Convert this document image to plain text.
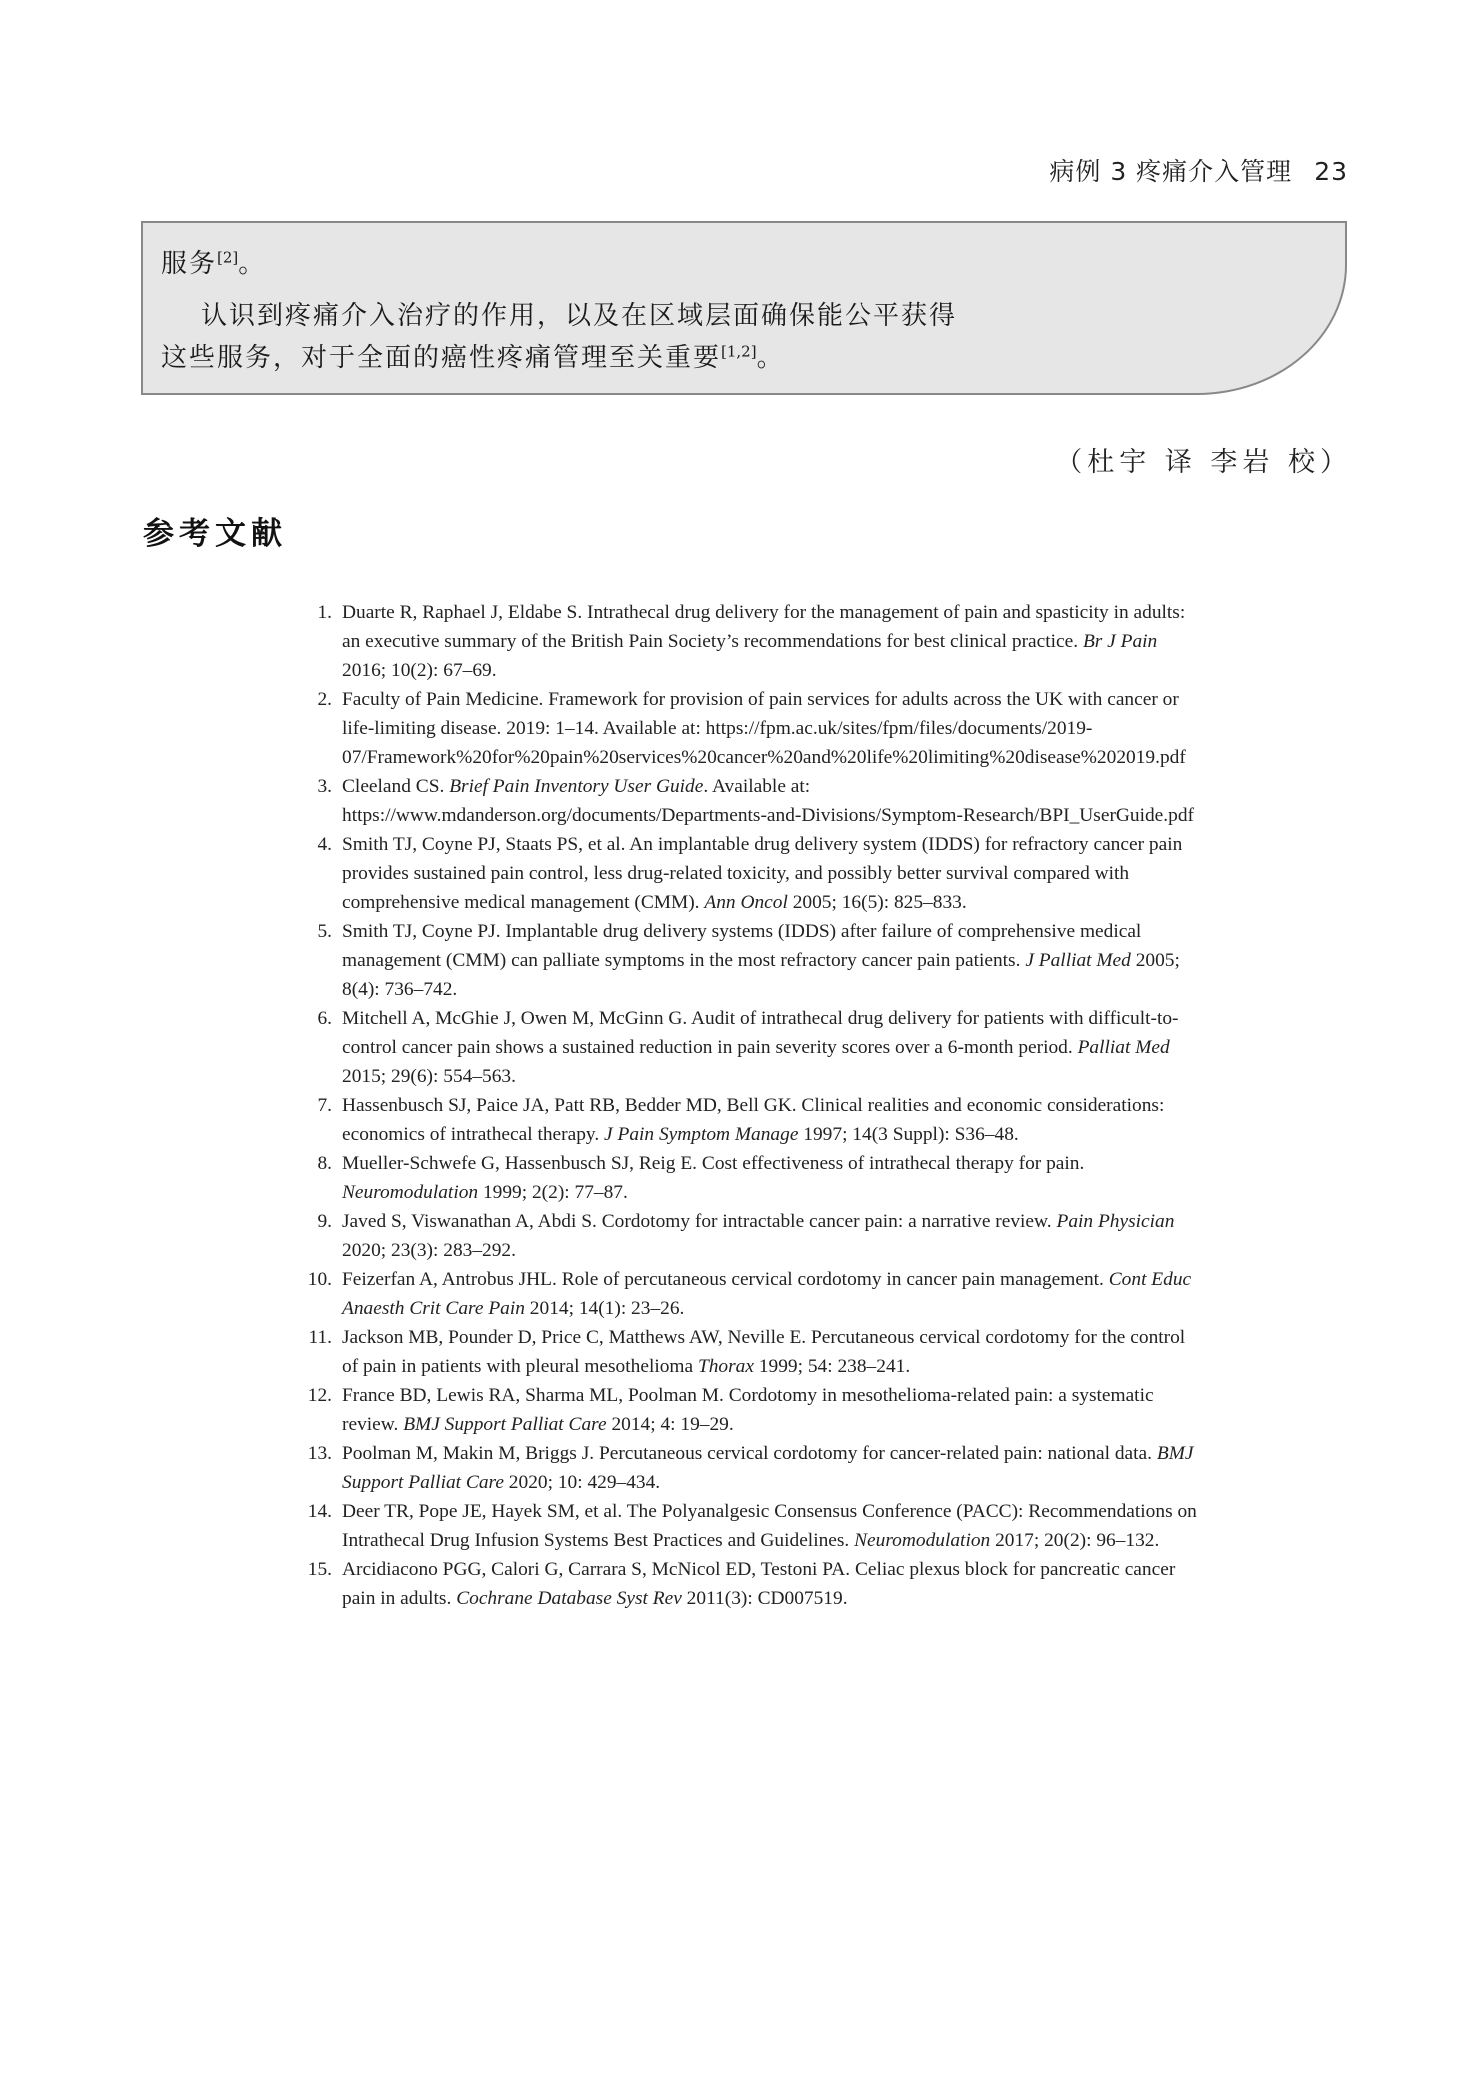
病例 3 疼痛介入管理 23

服务[2]。

认识到疼痛介入治疗的作用，以及在区域层面确保能公平获得

这些服务，对于全面的癌性疼痛管理至关重要[1,2]。

（杜宇 译 李岩 校）
参考文献
1. Duarte R, Raphael J, Eldabe S. Intrathecal drug delivery for the management of pain and spasticity in adults: an executive summary of the British Pain Society’s recommendations for best clinical practice. Br J Pain 2016; 10(2): 67–69.
2. Faculty of Pain Medicine. Framework for provision of pain services for adults across the UK with cancer or life-limiting disease. 2019: 1–14. Available at: https://fpm.ac.uk/sites/fpm/files/documents/2019-07/Framework%20for%20pain%20services%20cancer%20and%20life%20limiting%20disease%202019.pdf
3. Cleeland CS. Brief Pain Inventory User Guide. Available at: https://www.mdanderson.org/documents/Departments-and-Divisions/Symptom-Research/BPI_UserGuide.pdf
4. Smith TJ, Coyne PJ, Staats PS, et al. An implantable drug delivery system (IDDS) for refractory cancer pain provides sustained pain control, less drug-related toxicity, and possibly better survival compared with comprehensive medical management (CMM). Ann Oncol 2005; 16(5): 825–833.
5. Smith TJ, Coyne PJ. Implantable drug delivery systems (IDDS) after failure of comprehensive medical management (CMM) can palliate symptoms in the most refractory cancer pain patients. J Palliat Med 2005; 8(4): 736–742.
6. Mitchell A, McGhie J, Owen M, McGinn G. Audit of intrathecal drug delivery for patients with difficult-to-control cancer pain shows a sustained reduction in pain severity scores over a 6-month period. Palliat Med 2015; 29(6): 554–563.
7. Hassenbusch SJ, Paice JA, Patt RB, Bedder MD, Bell GK. Clinical realities and economic considerations: economics of intrathecal therapy. J Pain Symptom Manage 1997; 14(3 Suppl): S36–48.
8. Mueller-Schwefe G, Hassenbusch SJ, Reig E. Cost effectiveness of intrathecal therapy for pain. Neuromodulation 1999; 2(2): 77–87.
9. Javed S, Viswanathan A, Abdi S. Cordotomy for intractable cancer pain: a narrative review. Pain Physician 2020; 23(3): 283–292.
10. Feizerfan A, Antrobus JHL. Role of percutaneous cervical cordotomy in cancer pain management. Cont Educ Anaesth Crit Care Pain 2014; 14(1): 23–26.
11. Jackson MB, Pounder D, Price C, Matthews AW, Neville E. Percutaneous cervical cordotomy for the control of pain in patients with pleural mesothelioma Thorax 1999; 54: 238–241.
12. France BD, Lewis RA, Sharma ML, Poolman M. Cordotomy in mesothelioma-related pain: a systematic review. BMJ Support Palliat Care 2014; 4: 19–29.
13. Poolman M, Makin M, Briggs J. Percutaneous cervical cordotomy for cancer-related pain: national data. BMJ Support Palliat Care 2020; 10: 429–434.
14. Deer TR, Pope JE, Hayek SM, et al. The Polyanalgesic Consensus Conference (PACC): Recommendations on Intrathecal Drug Infusion Systems Best Practices and Guidelines. Neuromodulation 2017; 20(2): 96–132.
15. Arcidiacono PGG, Calori G, Carrara S, McNicol ED, Testoni PA. Celiac plexus block for pancreatic cancer pain in adults. Cochrane Database Syst Rev 2011(3): CD007519.
